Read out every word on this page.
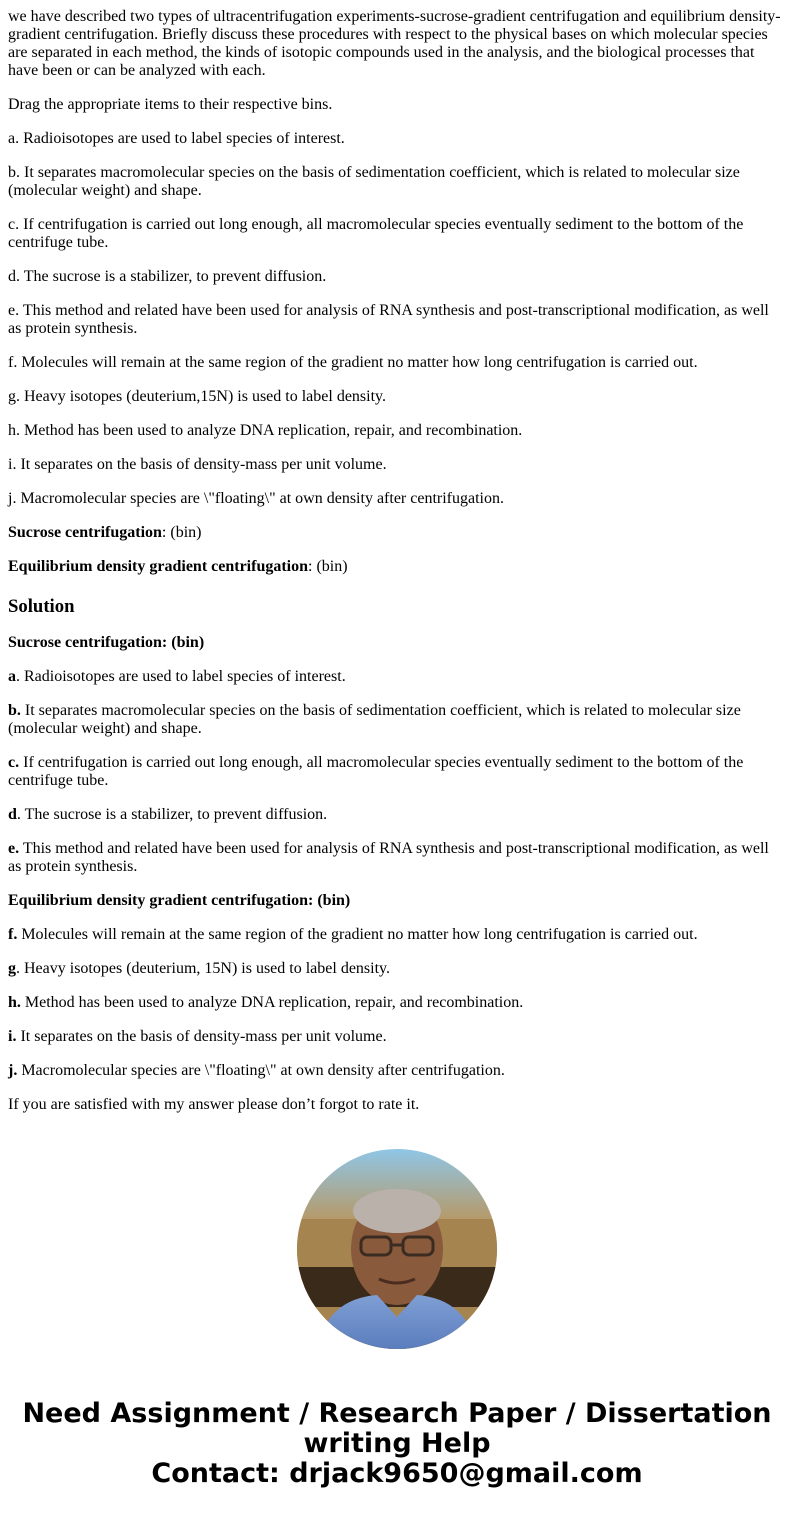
we have described two types of ultracentrifugation experiments-sucrose-gradient centrifugation and equilibrium density-gradient centrifugation. Briefly discuss these procedures with respect to the physical bases on which molecular species are separated in each method, the kinds of isotopic compounds used in the analysis, and the biological processes that have been or can be analyzed with each.

Drag the appropriate items to their respective bins.

a. Radioisotopes are used to label species of interest.

b. It separates macromolecular species on the basis of sedimentation coefficient, which is related to molecular size (molecular weight) and shape.

c. If centrifugation is carried out long enough, all macromolecular species eventually sediment to the bottom of the centrifuge tube.

d. The sucrose is a stabilizer, to prevent diffusion.

e. This method and related have been used for analysis of RNA synthesis and post-transcriptional modification, as well as protein synthesis.

f. Molecules will remain at the same region of the gradient no matter how long centrifugation is carried out.

g. Heavy isotopes (deuterium,15N) is used to label density.

h. Method has been used to analyze DNA replication, repair, and recombination.

i. It separates on the basis of density-mass per unit volume.

j. Macromolecular species are \"floating\" at own density after centrifugation.

Sucrose centrifugation: (bin)

Equilibrium density gradient centrifugation: (bin)

Solution

Sucrose centrifugation: (bin)

a. Radioisotopes are used to label species of interest.

b. It separates macromolecular species on the basis of sedimentation coefficient, which is related to molecular size (molecular weight) and shape.

c. If centrifugation is carried out long enough, all macromolecular species eventually sediment to the bottom of the centrifuge tube.

d. The sucrose is a stabilizer, to prevent diffusion.

e. This method and related have been used for analysis of RNA synthesis and post-transcriptional modification, as well as protein synthesis.

Equilibrium density gradient centrifugation: (bin)

f. Molecules will remain at the same region of the gradient no matter how long centrifugation is carried out.

g. Heavy isotopes (deuterium, 15N) is used to label density.

h. Method has been used to analyze DNA replication, repair, and recombination.

i. It separates on the basis of density-mass per unit volume.

j. Macromolecular species are \"floating\" at own density after centrifugation.

If you are satisfied with my answer please don’t forgot to rate it.

Need Assignment / Research Paper / Dissertation
writing Help
Contact: drjack9650@gmail.com
